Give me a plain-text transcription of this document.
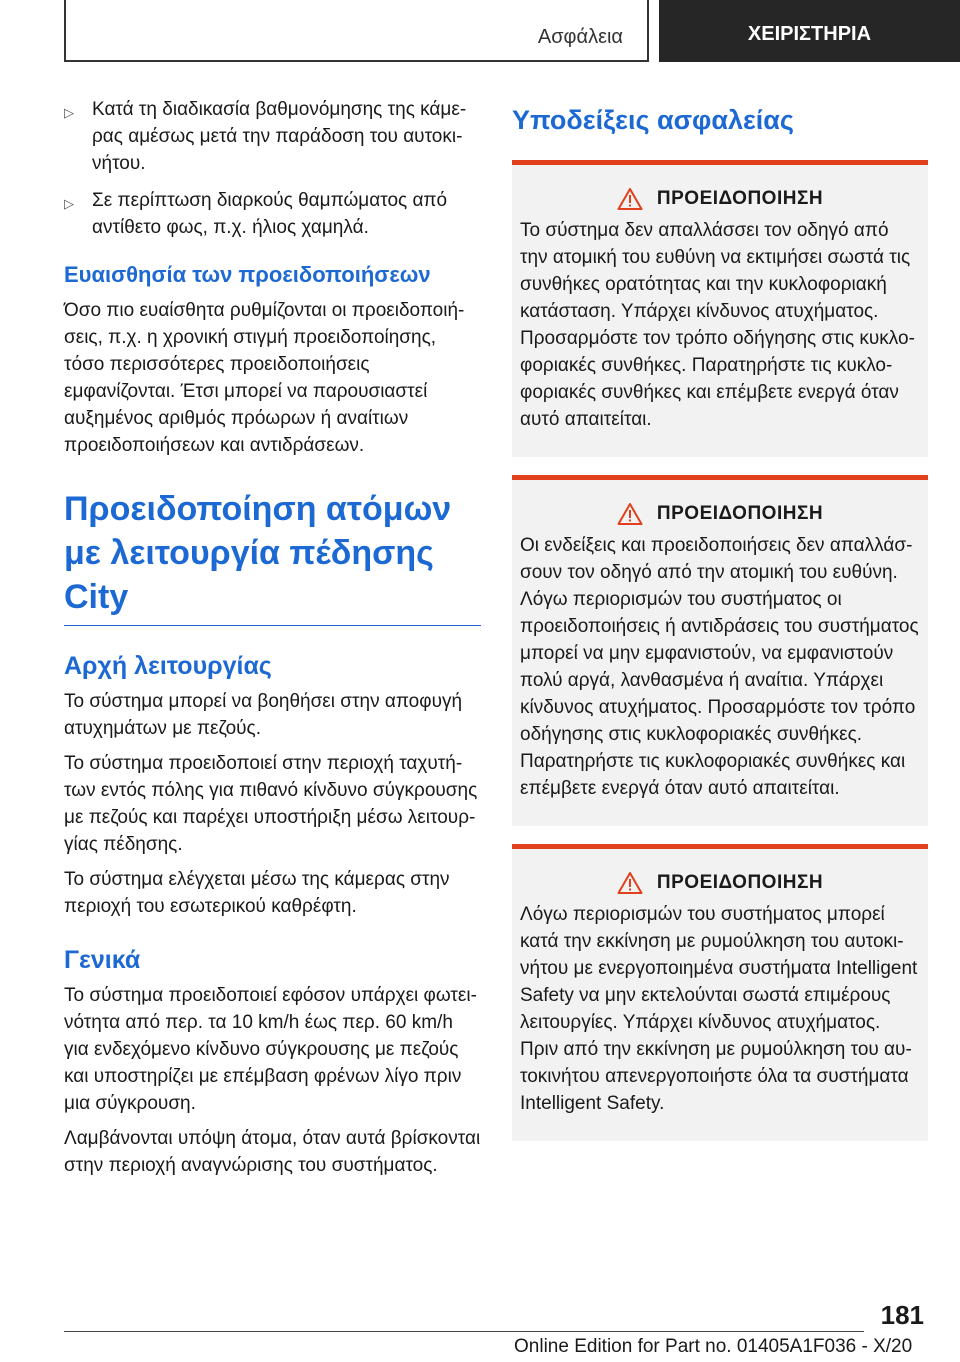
Ασφάλεια	ΧΕΙΡΙΣΤΗΡΙΑ
▷ Κατά τη διαδικασία βαθμονόμησης της κάμερας αμέσως μετά την παράδοση του αυτοκινήτου.
▷ Σε περίπτωση διαρκούς θαμπώματος από αντίθετο φως, π.χ. ήλιος χαμηλά.
Ευαισθησία των προειδοποιήσεων

Όσο πιο ευαίσθητα ρυθμίζονται οι προειδοποιήσεις, π.χ. η χρονική στιγμή προειδοποίησης, τόσο περισσότερες προειδοποιήσεις εμφανίζονται. Έτσι μπορεί να παρουσιαστεί αυξημένος αριθμός πρόωρων ή αναίτιων προειδοποιήσεων και αντιδράσεων.

Προειδοποίηση ατόμων με λειτουργία πέδησης City
Αρχή λειτουργίας

Το σύστημα μπορεί να βοηθήσει στην αποφυγή ατυχημάτων με πεζούς.

Το σύστημα προειδοποιεί στην περιοχή ταχυτήτων εντός πόλης για πιθανό κίνδυνο σύγκρουσης με πεζούς και παρέχει υποστήριξη μέσω λειτουργίας πέδησης.

Το σύστημα ελέγχεται μέσω της κάμερας στην περιοχή του εσωτερικού καθρέφτη.

Γενικά

Το σύστημα προειδοποιεί εφόσον υπάρχει φωτεινότητα από περ. τα 10 km/h έως περ. 60 km/h για ενδεχόμενο κίνδυνο σύγκρουσης με πεζούς και υποστηρίζει με επέμβαση φρένων λίγο πριν μια σύγκρουση.

Λαμβάνονται υπόψη άτομα, όταν αυτά βρίσκονται στην περιοχή αναγνώρισης του συστήματος.

Υποδείξεις ασφαλείας
ΠΡΟΕΙΔΟΠΟΙΗΣΗ
Το σύστημα δεν απαλλάσσει τον οδηγό από την ατομική του ευθύνη να εκτιμήσει σωστά τις συνθήκες ορατότητας και την κυκλοφοριακή κατάσταση. Υπάρχει κίνδυνος ατυχήματος. Προσαρμόστε τον τρόπο οδήγησης στις κυκλοφοριακές συνθήκες. Παρατηρήστε τις κυκλοφοριακές συνθήκες και επέμβετε ενεργά όταν αυτό απαιτείται.
ΠΡΟΕΙΔΟΠΟΙΗΣΗ
Οι ενδείξεις και προειδοποιήσεις δεν απαλλάσσουν τον οδηγό από την ατομική του ευθύνη. Λόγω περιορισμών του συστήματος οι προειδοποιήσεις ή αντιδράσεις του συστήματος μπορεί να μην εμφανιστούν, να εμφανιστούν πολύ αργά, λανθασμένα ή αναίτια. Υπάρχει κίνδυνος ατυχήματος. Προσαρμόστε τον τρόπο οδήγησης στις κυκλοφοριακές συνθήκες. Παρατηρήστε τις κυκλοφοριακές συνθήκες και επέμβετε ενεργά όταν αυτό απαιτείται.
ΠΡΟΕΙΔΟΠΟΙΗΣΗ
Λόγω περιορισμών του συστήματος μπορεί κατά την εκκίνηση με ρυμούλκηση του αυτοκινήτου με ενεργοποιημένα συστήματα Intelligent Safety να μην εκτελούνται σωστά επιμέρους λειτουργίες. Υπάρχει κίνδυνος ατυχήματος. Πριν από την εκκίνηση με ρυμούλκηση του αυτοκινήτου απενεργοποιήστε όλα τα συστήματα Intelligent Safety.
181
Online Edition for Part no. 01405A1F036 - X/20
